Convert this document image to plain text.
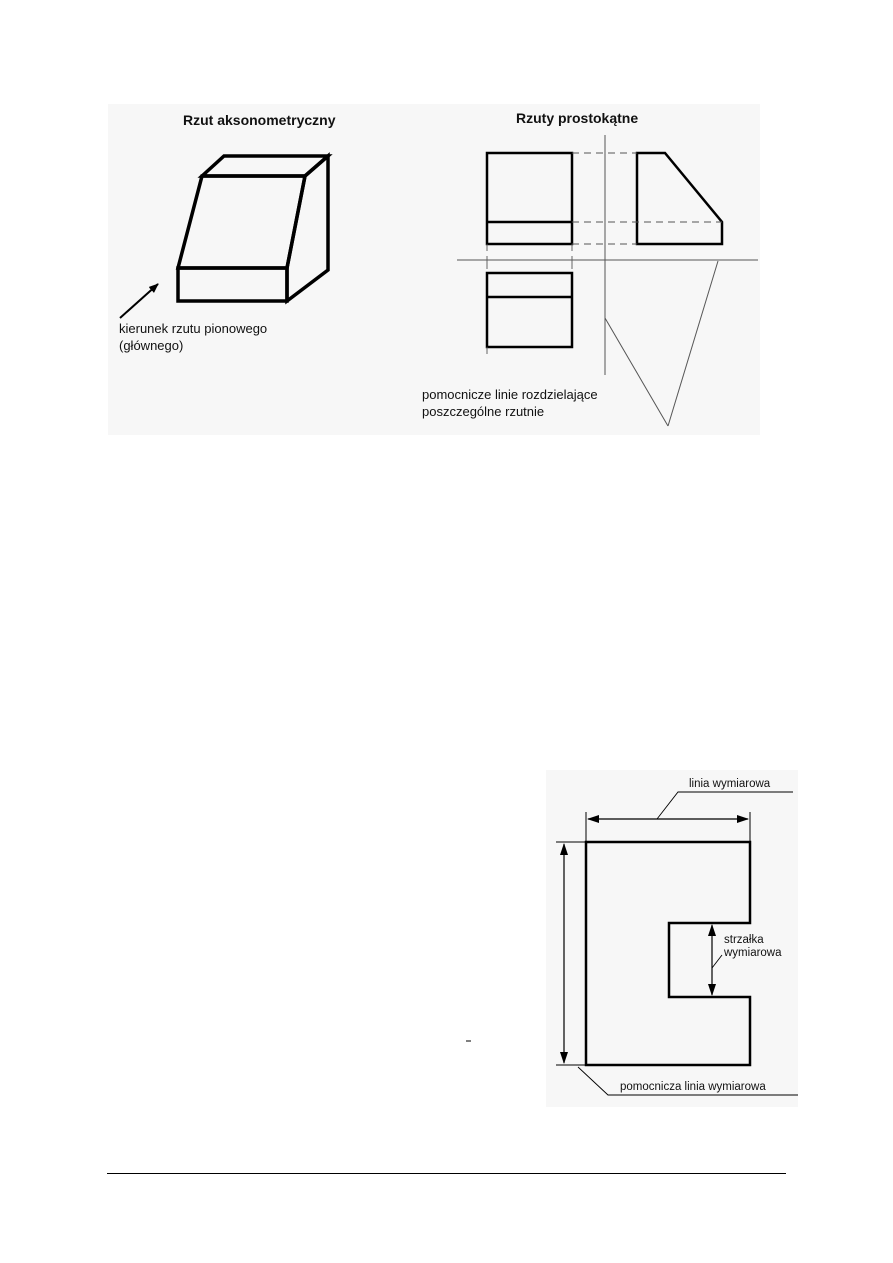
Rzut aksonometryczny	Rzuty prostokątne
kierunek rzutu pionowego
(głównego)
pomocnicze linie rozdzielające
poszczególne rzutnie
linia wymiarowa
strzałka
wymiarowa
pomocnicza linia wymiarowa
